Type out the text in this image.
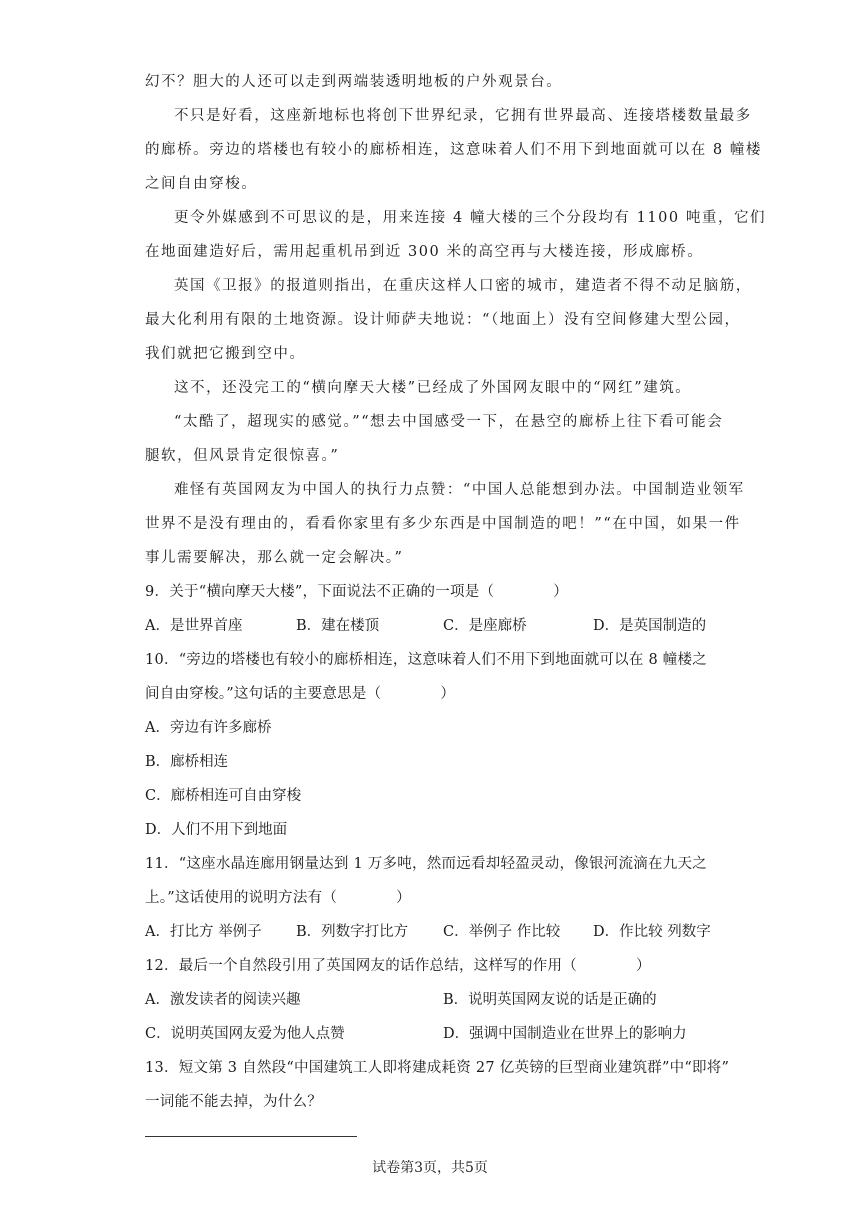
幻不？胆大的人还可以走到两端装透明地板的户外观景台。
不只是好看，这座新地标也将创下世界纪录，它拥有世界最高、连接塔楼数量最多
的廊桥。旁边的塔楼也有较小的廊桥相连，这意味着人们不用下到地面就可以在 8 幢楼
之间自由穿梭。
更令外媒感到不可思议的是，用来连接 4 幢大楼的三个分段均有 1100 吨重，它们
在地面建造好后，需用起重机吊到近 300 米的高空再与大楼连接，形成廊桥。
英国《卫报》的报道则指出，在重庆这样人口密的城市，建造者不得不动足脑筋，
最大化利用有限的土地资源。设计师萨夫地说：“（地面上）没有空间修建大型公园，
我们就把它搬到空中。
这不，还没完工的“横向摩天大楼”已经成了外国网友眼中的“网红”建筑。
“太酷了，超现实的感觉。”“想去中国感受一下，在悬空的廊桥上往下看可能会
腿软，但风景肯定很惊喜。”
难怪有英国网友为中国人的执行力点赞：“中国人总能想到办法。中国制造业领军
世界不是没有理由的，看看你家里有多少东西是中国制造的吧！”“在中国，如果一件
事儿需要解决，那么就一定会解决。”
9．关于“横向摩天大楼”，下面说法不正确的一项是（　　　　）
A．是世界首座	B．建在楼顶	C．是座廊桥	D．是英国制造的
10．“旁边的塔楼也有较小的廊桥相连，这意味着人们不用下到地面就可以在 8 幢楼之
间自由穿梭。”这句话的主要意思是（　　　　）
A．旁边有许多廊桥
B．廊桥相连
C．廊桥相连可自由穿梭
D．人们不用下到地面
11．“这座水晶连廊用钢量达到 1 万多吨，然而远看却轻盈灵动，像银河流滴在九天之
上。”这话使用的说明方法有（　　　　）
A．打比方 举例子 B．列数字打比方 C．举例子 作比较 D．作比较 列数字
12．最后一个自然段引用了英国网友的话作总结，这样写的作用（　　　　）
A．激发读者的阅读兴趣	B．说明英国网友说的话是正确的
C．说明英国网友爱为他人点赞	D．强调中国制造业在世界上的影响力
13．短文第 3 自然段“中国建筑工人即将建成耗资 27 亿英镑的巨型商业建筑群”中“即将”
一词能不能去掉，为什么？
试卷第3页，共5页
